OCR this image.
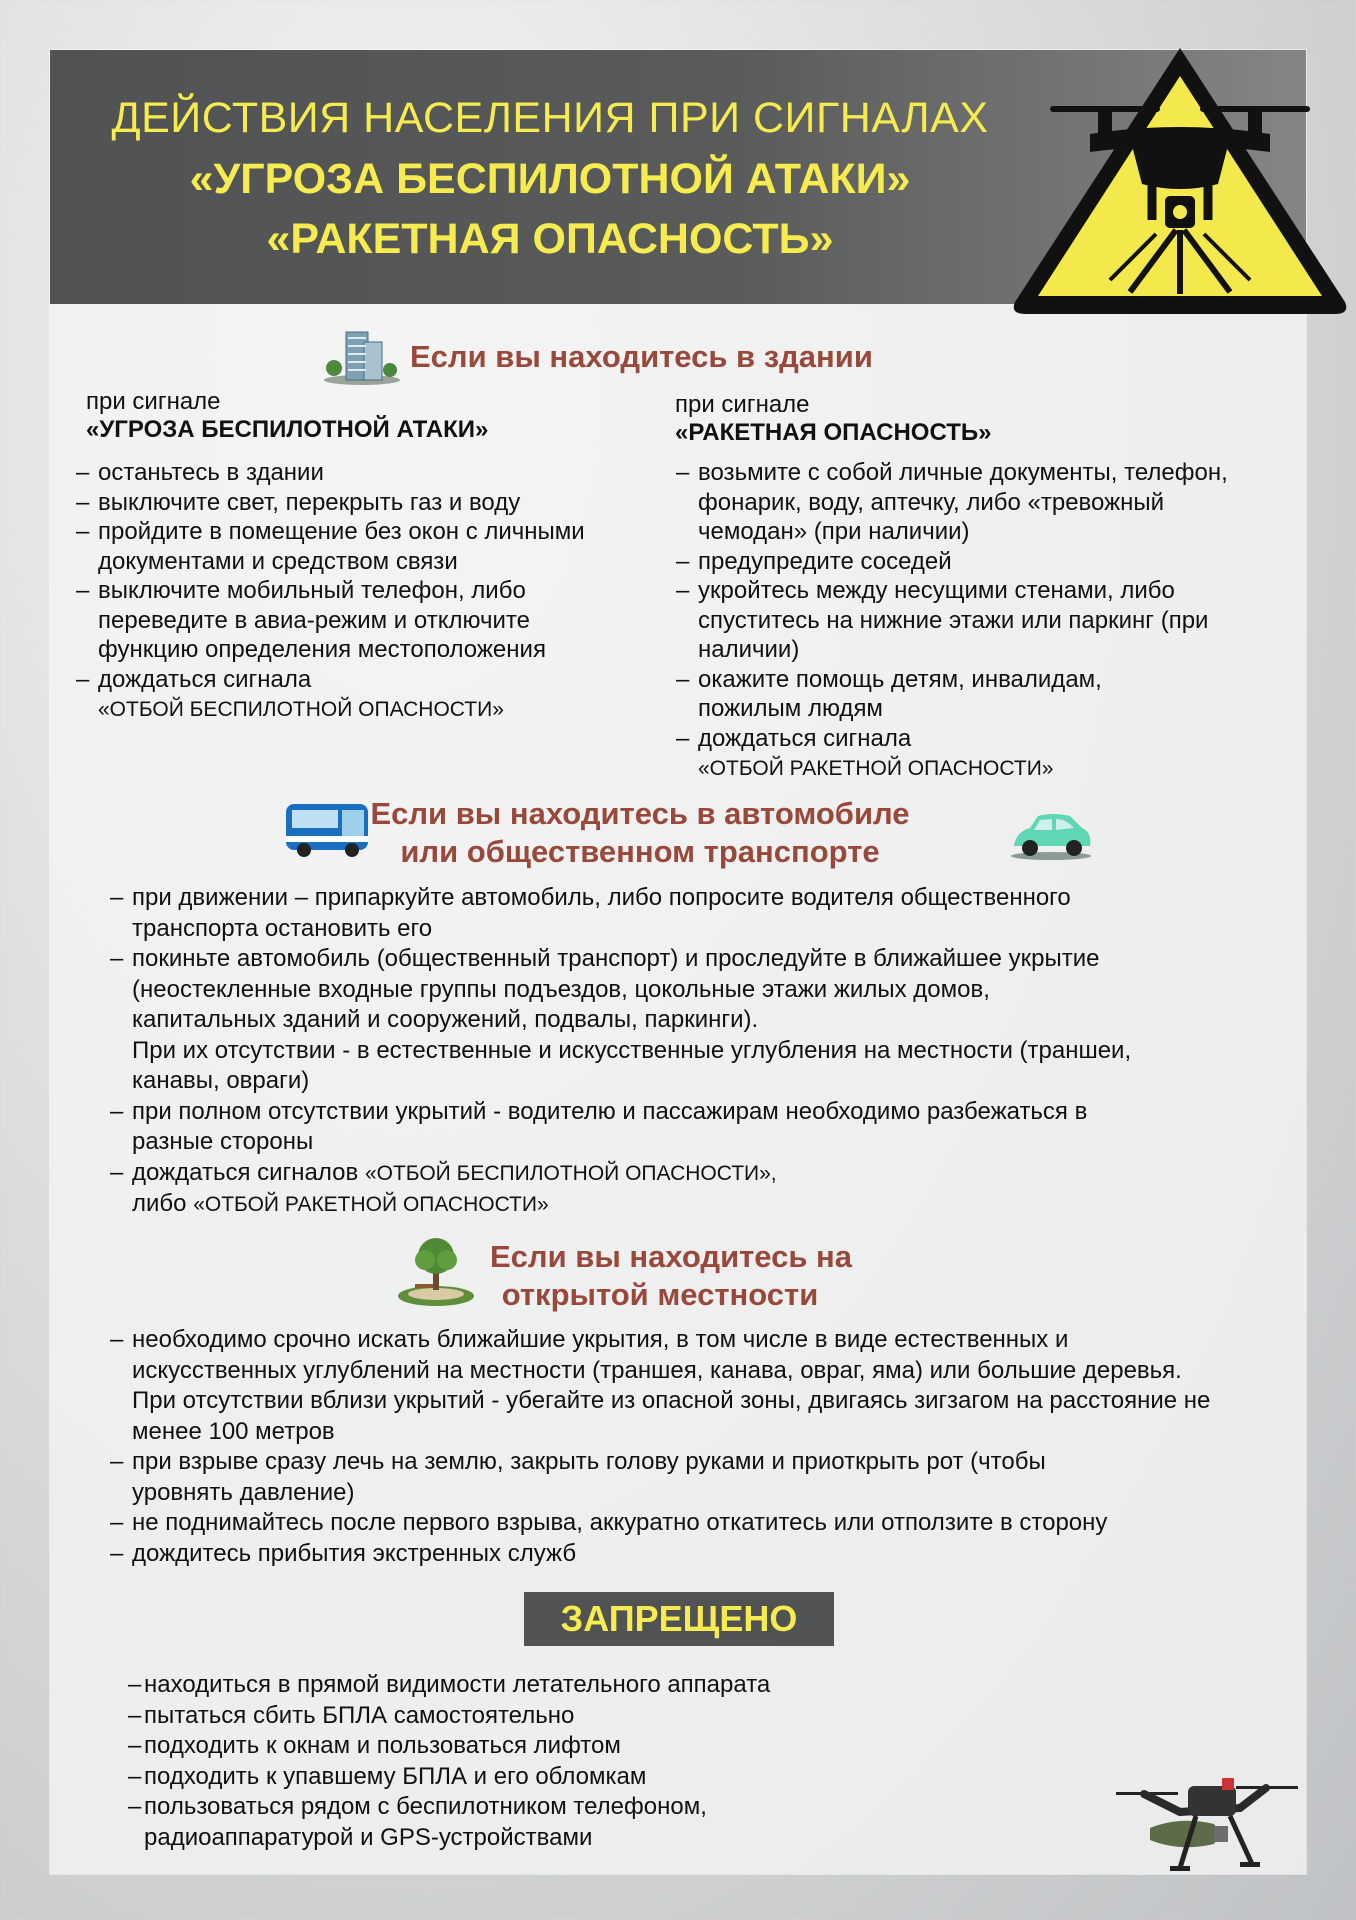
ДЕЙСТВИЯ НАСЕЛЕНИЯ ПРИ СИГНАЛАХ
«УГРОЗА БЕСПИЛОТНОЙ АТАКИ»
«РАКЕТНАЯ ОПАСНОСТЬ»
Если вы находитесь в здании
при сигнале
«УГРОЗА БЕСПИЛОТНОЙ АТАКИ»
– останьтесь в здании
– выключите свет, перекрыть газ и воду
– пройдите в помещение без окон с личными документами и средством связи
– выключите мобильный телефон, либо переведите в авиа-режим и отключите функцию определения местоположения
– дождаться сигнала
«ОТБОЙ БЕСПИЛОТНОЙ ОПАСНОСТИ»
при сигнале
«РАКЕТНАЯ ОПАСНОСТЬ»
– возьмите с собой личные документы, телефон, фонарик, воду, аптечку, либо «тревожный чемодан» (при наличии)
– предупредите соседей
– укройтесь между несущими стенами, либо спуститесь на нижние этажи или паркинг (при наличии)
– окажите помощь детям, инвалидам, пожилым людям
– дождаться сигнала
«ОТБОЙ РАКЕТНОЙ ОПАСНОСТИ»
Если вы находитесь в автомобиле
или общественном транспорте
– при движении – припаркуйте автомобиль, либо попросите водителя общественного транспорта остановить его
– покиньте автомобиль (общественный транспорт) и проследуйте в ближайшее укрытие (неостекленные входные группы подъездов, цокольные этажи жилых домов, капитальных зданий и сооружений, подвалы, паркинги).
При их отсутствии - в естественные и искусственные углубления на местности (траншеи, канавы, овраги)
– при полном отсутствии укрытий - водителю и пассажирам необходимо разбежаться в разные стороны
– дождаться сигналов «ОТБОЙ БЕСПИЛОТНОЙ ОПАСНОСТИ»,
либо «ОТБОЙ РАКЕТНОЙ ОПАСНОСТИ»
Если вы находитесь на
открытой местности
– необходимо срочно искать ближайшие укрытия, в том числе в виде естественных и искусственных углублений на местности (траншея, канава, овраг, яма) или большие деревья. При отсутствии вблизи укрытий - убегайте из опасной зоны, двигаясь зигзагом на расстояние не менее 100 метров
– при взрыве сразу лечь на землю, закрыть голову руками и приоткрыть рот (чтобы уровнять давление)
– не поднимайтесь после первого взрыва, аккуратно откатитесь или отползите в сторону
– дождитесь прибытия экстренных служб
ЗАПРЕЩЕНО
– находиться в прямой видимости летательного аппарата
– пытаться сбить БПЛА самостоятельно
– подходить к окнам и пользоваться лифтом
– подходить к упавшему БПЛА и его обломкам
– пользоваться рядом с беспилотником телефоном, радиоаппаратурой и GPS-устройствами
